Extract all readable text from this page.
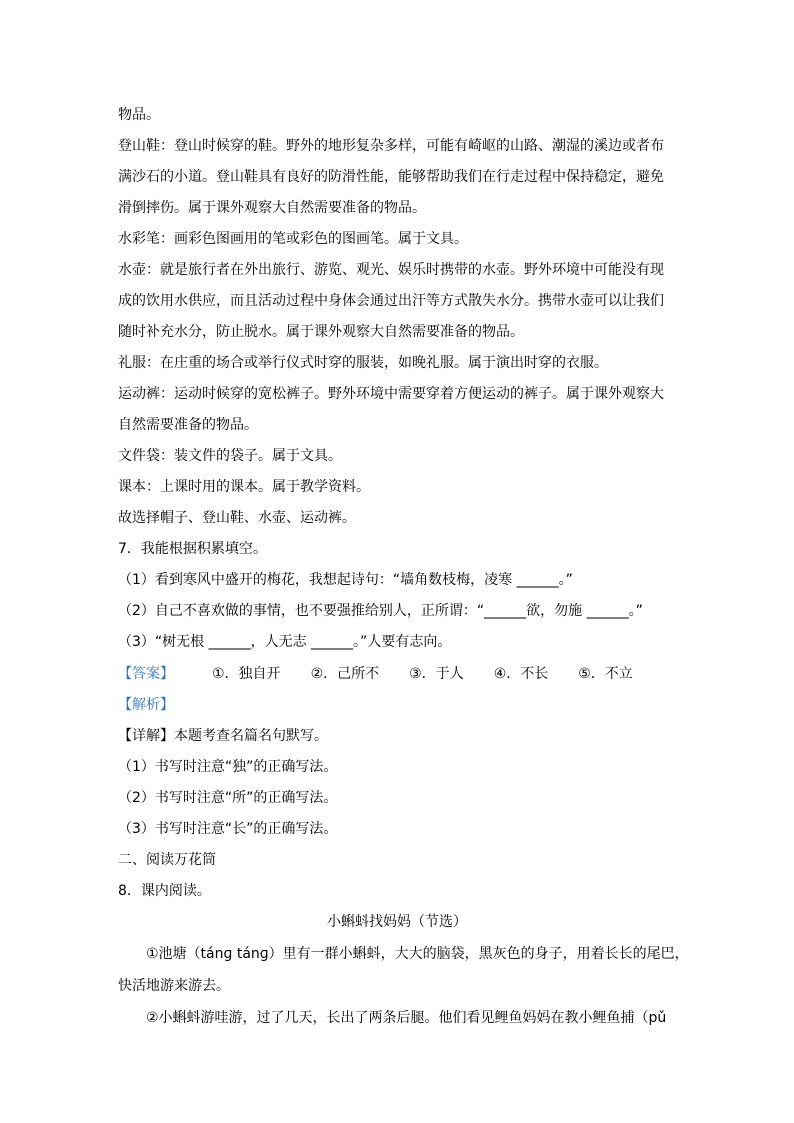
物品。
登山鞋：登山时候穿的鞋。野外的地形复杂多样，可能有崎岖的山路、潮湿的溪边或者布
满沙石的小道。登山鞋具有良好的防滑性能，能够帮助我们在行走过程中保持稳定，避免
滑倒摔伤。属于课外观察大自然需要准备的物品。
水彩笔：画彩色图画用的笔或彩色的图画笔。属于文具。
水壶：就是旅行者在外出旅行、游览、观光、娱乐时携带的水壶。野外环境中可能没有现
成的饮用水供应，而且活动过程中身体会通过出汗等方式散失水分。携带水壶可以让我们
随时补充水分，防止脱水。属于课外观察大自然需要准备的物品。
礼服：在庄重的场合或举行仪式时穿的服装，如晚礼服。属于演出时穿的衣服。
运动裤：运动时候穿的宽松裤子。野外环境中需要穿着方便运动的裤子。属于课外观察大
自然需要准备的物品。
文件袋：装文件的袋子。属于文具。
课本：上课时用的课本。属于教学资料。
故选择帽子、登山鞋、水壶、运动裤。
7．我能根据积累填空。
（1）看到寒风中盛开的梅花，我想起诗句：“墙角数枝梅，凌寒 ______。”
（2）自己不喜欢做的事情，也不要强推给别人，正所谓：“______欲，勿施 ______。”
（3）“树无根 ______，人无志 ______。”人要有志向。
【答案】	①．独自开 ②．己所不 ③．于人 ④．不长 ⑤．不立
【解析】
【详解】本题考查名篇名句默写。
（1）书写时注意“独”的正确写法。
（2）书写时注意“所”的正确写法。
（3）书写时注意“长”的正确写法。
二、阅读万花筒
8．课内阅读。
小蝌蚪找妈妈（节选）
①池塘（tánɡ tánɡ）里有一群小蝌蚪，大大的脑袋，黑灰色的身子，用着长长的尾巴，
快活地游来游去。
②小蝌蚪游哇游，过了几天，长出了两条后腿。他们看见鲤鱼妈妈在教小鲤鱼捕（pǔ
